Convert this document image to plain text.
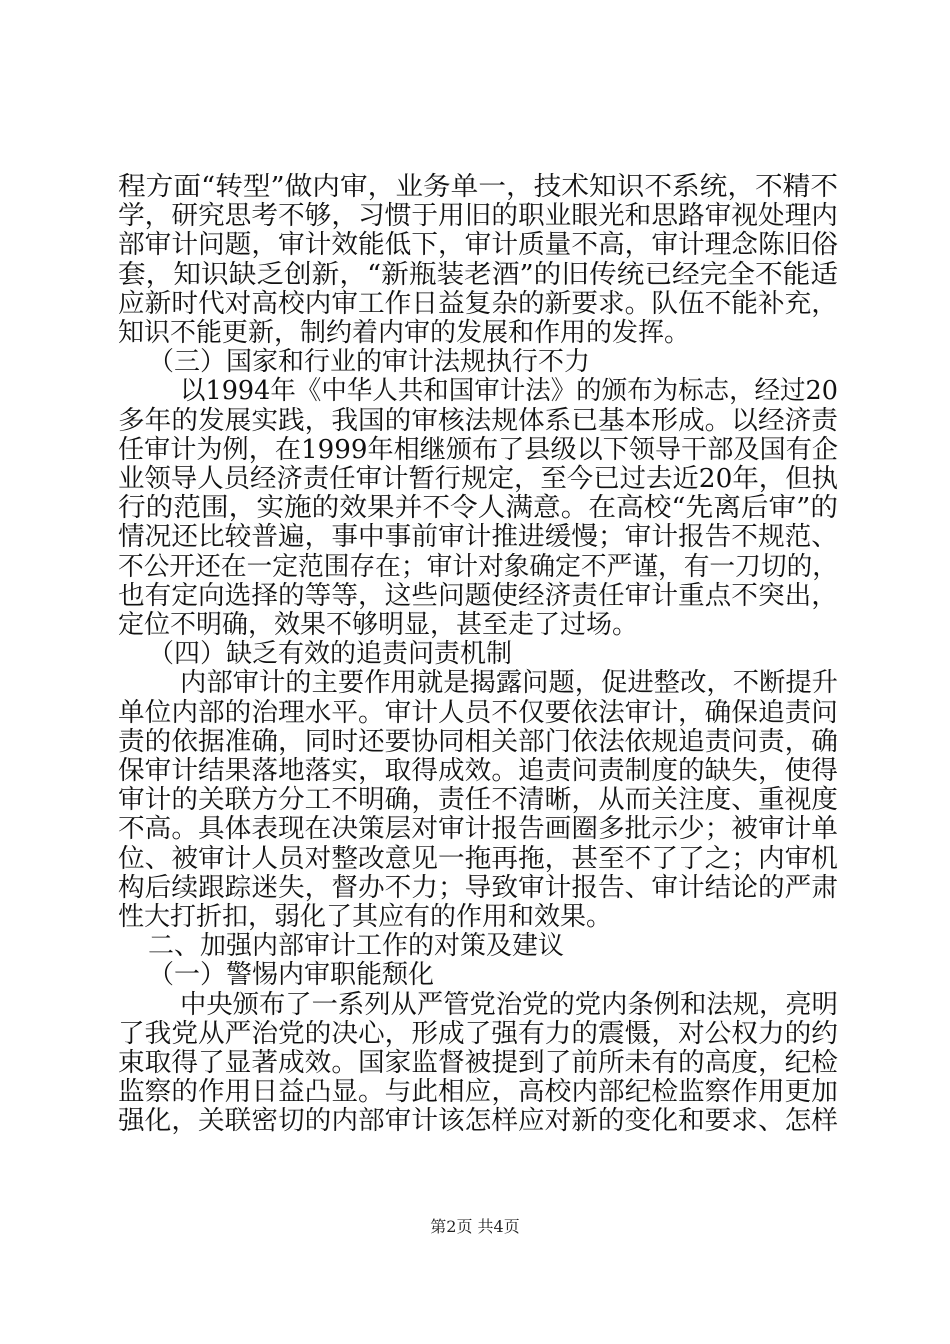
程方面“转型”做内审，业务单一，技术知识不系统，不精不
学，研究思考不够，习惯于用旧的职业眼光和思路审视处理内
部审计问题，审计效能低下，审计质量不高，审计理念陈旧俗
套，知识缺乏创新，“新瓶装老酒”的旧传统已经完全不能适
应新时代对高校内审工作日益复杂的新要求。队伍不能补充，
知识不能更新，制约着内审的发展和作用的发挥。
（三）国家和行业的审计法规执行不力
以1994年《中华人共和国审计法》的颁布为标志，经过20
多年的发展实践，我国的审核法规体系已基本形成。以经济责
任审计为例，在1999年相继颁布了县级以下领导干部及国有企
业领导人员经济责任审计暂行规定，至今已过去近20年，但执
行的范围，实施的效果并不令人满意。在高校“先离后审”的
情况还比较普遍，事中事前审计推进缓慢；审计报告不规范、
不公开还在一定范围存在；审计对象确定不严谨，有一刀切的，
也有定向选择的等等，这些问题使经济责任审计重点不突出，
定位不明确，效果不够明显，甚至走了过场。
（四）缺乏有效的追责问责机制
内部审计的主要作用就是揭露问题，促进整改，不断提升
单位内部的治理水平。审计人员不仅要依法审计，确保追责问
责的依据准确，同时还要协同相关部门依法依规追责问责，确
保审计结果落地落实，取得成效。追责问责制度的缺失，使得
审计的关联方分工不明确，责任不清晰，从而关注度、重视度
不高。具体表现在决策层对审计报告画圈多批示少；被审计单
位、被审计人员对整改意见一拖再拖，甚至不了了之；内审机
构后续跟踪迷失，督办不力；导致审计报告、审计结论的严肃
性大打折扣，弱化了其应有的作用和效果。
二、加强内部审计工作的对策及建议
（一）警惕内审职能颓化
中央颁布了一系列从严管党治党的党内条例和法规，亮明
了我党从严治党的决心，形成了强有力的震慑，对公权力的约
束取得了显著成效。国家监督被提到了前所未有的高度，纪检
监察的作用日益凸显。与此相应，高校内部纪检监察作用更加
强化，关联密切的内部审计该怎样应对新的变化和要求、怎样
第2页 共4页
